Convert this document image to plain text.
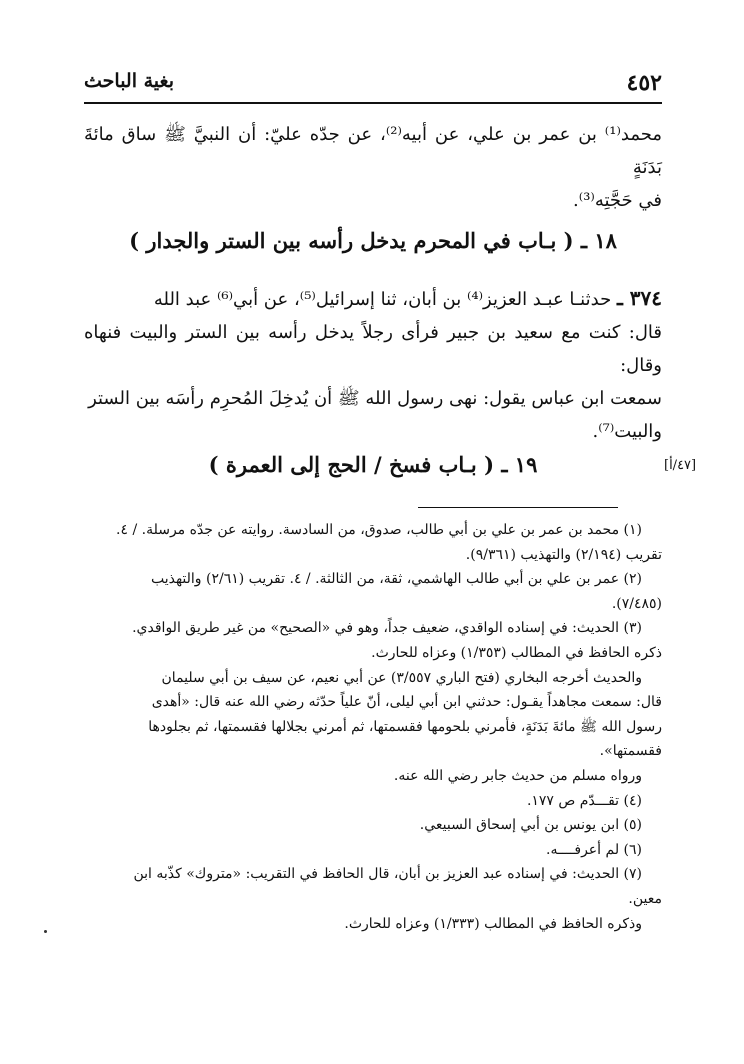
٤٥٢
بغية الباحث
محمد⁽¹⁾ بن عمر بن علي، عن أبيه⁽²⁾، عن جدّه عليّ: أن النبيَّ ﷺ ساق مائةَ بَدَنَةٍ
في حَجَّتِه⁽³⁾.
١٨ ـ ( بـاب في المحرم يدخل رأسه بين الستر والجدار )
٣٧٤ ـ حدثنـا عبـد العزيز⁽⁴⁾ بن أبان، ثنا إسرائيل⁽⁵⁾، عن أبي⁽⁶⁾ عبد الله
قال: كنت مع سعيد بن جبير فرأى رجلاً يدخل رأسه بين الستر والبيت فنهاه وقال:
سمعت ابن عباس يقول: نهى رسول الله ﷺ أن يُدخِلَ المُحرِم رأسَه بين الستر
والبيت⁽⁷⁾.
١٩ ـ ( بـاب فسخ / الحج إلى العمرة )	[٤٧/أ]

(١) محمد بن عمر بن علي بن أبي طالب، صدوق، من السادسة. روايته عن جدّه مرسلة. / ٤.

تقريب (٢/١٩٤) والتهذيب (٩/٣٦١).

(٢) عمر بن علي بن أبي طالب الهاشمي، ثقة، من الثالثة. / ٤. تقريب (٢/٦١) والتهذيب

(٧/٤٨٥).

(٣) الحديث: في إسناده الواقدي، ضعيف جداً، وهو في «الصحيح» من غير طريق الواقدي.

ذكره الحافظ في المطالب (١/٣٥٣) وعزاه للحارث.

والحديث أخرجه البخاري (فتح الباري ٣/٥٥٧) عن أبي نعيم، عن سيف بن أبي سليمان

قال: سمعت مجاهداً يقـول: حدثني ابن أبي ليلى، أنّ علياً حدّثه رضي الله عنه قال: «أهدى

رسول الله ﷺ مائةَ بَدَنَةٍ، فأمرني بلحومها فقسمتها، ثم أمرني بجلالها فقسمتها، ثم بجلودها

فقسمتها».

ورواه مسلم من حديث جابر رضي الله عنه.

(٤) تقـــدّم ص ١٧٧.

(٥) ابن يونس بن أبي إسحاق السبيعي.

(٦) لم أعرفــــه.

(٧) الحديث: في إسناده عبد العزيز بن أبان، قال الحافظ في التقريب: «متروك» كذّبه ابن

معين.

وذكره الحافظ في المطالب (١/٣٣٣) وعزاه للحارث.
